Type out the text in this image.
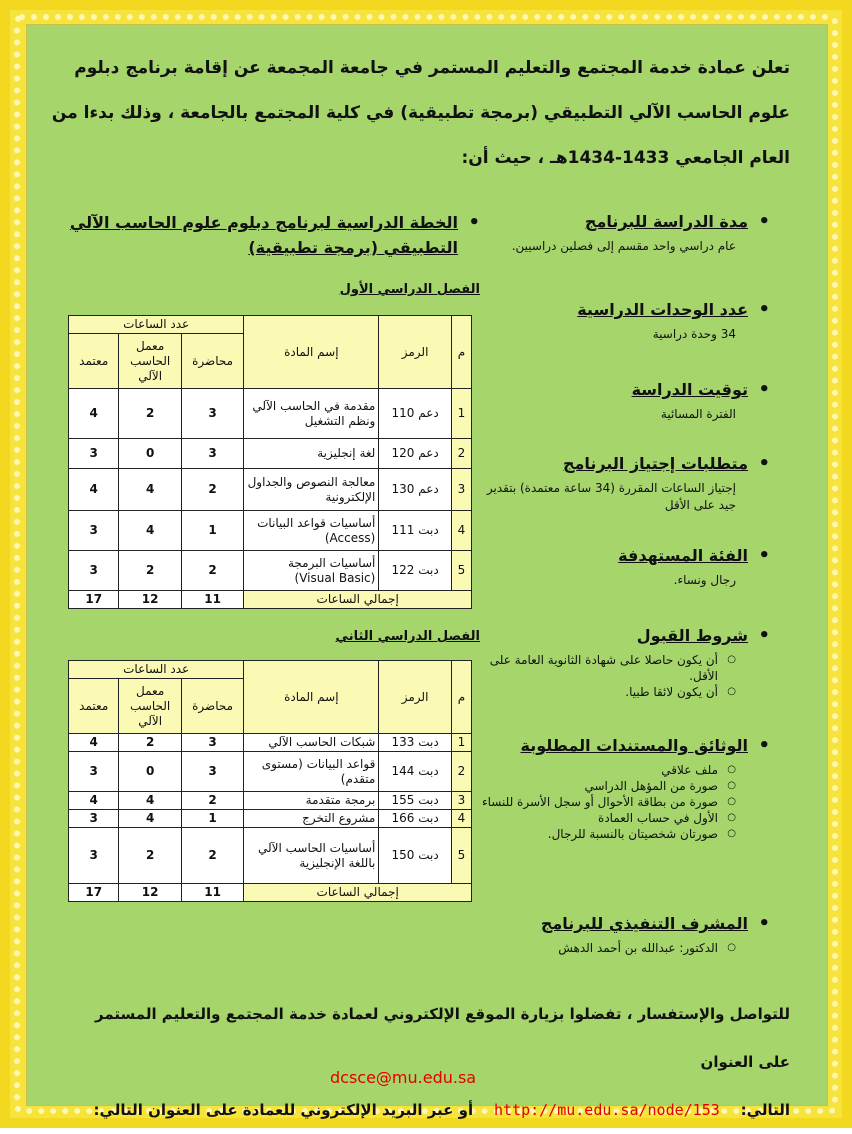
تعلن عمادة خدمة المجتمع والتعليم المستمر في جامعة المجمعة عن إقامة برنامج دبلوم علوم الحاسب الآلي التطبيقي (برمجة تطبيقية) في كلية المجتمع بالجامعة ، وذلك بدءا من العام الجامعي 1433-1434هـ ، حيث أن:
• مدة الدراسة للبرنامج

عام دراسي واحد مقسم إلى فصلين دراسيين.

• عدد الوحدات الدراسية

34 وحدة دراسية

• توقيت الدراسة

الفترة المسائية

• متطلبات إجتياز البرنامج

إجتياز الساعات المقررة (34 ساعة معتمدة) بتقدير جيد على الأقل

• الفئة المستهدفة

رجال ونساء.

• شروط القبول
○ أن يكون حاصلا على شهادة الثانوية العامة على الأقل.
○ أن يكون لائقا طبيا.
• الوثائق والمستندات المطلوبة
○ ملف علاقي
○ صورة من المؤهل الدراسي
○ صورة من بطاقة الأحوال أو سجل الأسرة للنساء
○ الأول في حساب العمادة
○ صورتان شخصيتان بالنسبة للرجال.
• المشرف التنفيذي للبرنامج
○ الدكتور: عبدالله بن أحمد الدهش
• الخطة الدراسية لبرنامج دبلوم علوم الحاسب الآلي التطبيقي (برمجة تطبيقية)
الفصل الدراسي الأول
م	الرمز	إسم المادة	عدد الساعات		
			محاضرة	معمل الحاسب الآلي	معتمد
1	دعم 110	مقدمة في الحاسب الآلي ونظم التشغيل	3	2	4
2	دعم 120	لغة إنجليزية	3	0	3
3	دعم 130	معالجة النصوص والجداول الإلكترونية	2	4	4
4	دبت 111	أساسيات قواعد البيانات (Access)	1	4	3
5	دبت 122	أساسيات البرمجة (Visual Basic)	2	2	3
إجمالي الساعات			11	12	17
الفصل الدراسي الثاني
م	الرمز	إسم المادة	عدد الساعات		
			محاضرة	معمل الحاسب الآلي	معتمد
1	دبت 133	شبكات الحاسب الآلي	3	2	4
2	دبت 144	قواعد البيانات (مستوى متقدم)	3	0	3
3	دبت 155	برمجة متقدمة	2	4	4
4	دبت 166	مشروع التخرج	1	4	3
5	دبت 150	أساسيات الحاسب الآلي باللغة الإنجليزية	2	2	3
إجمالي الساعات			11	12	17
للتواصل والإستفسار ، تفضلوا بزيارة الموقع الإلكتروني لعمادة خدمة المجتمع والتعليم المستمر على العنوان
التالي:    http://mu.edu.sa/node/153    أو عبر البريد الإلكتروني للعمادة على العنوان التالي:
dcsce@mu.edu.sa
